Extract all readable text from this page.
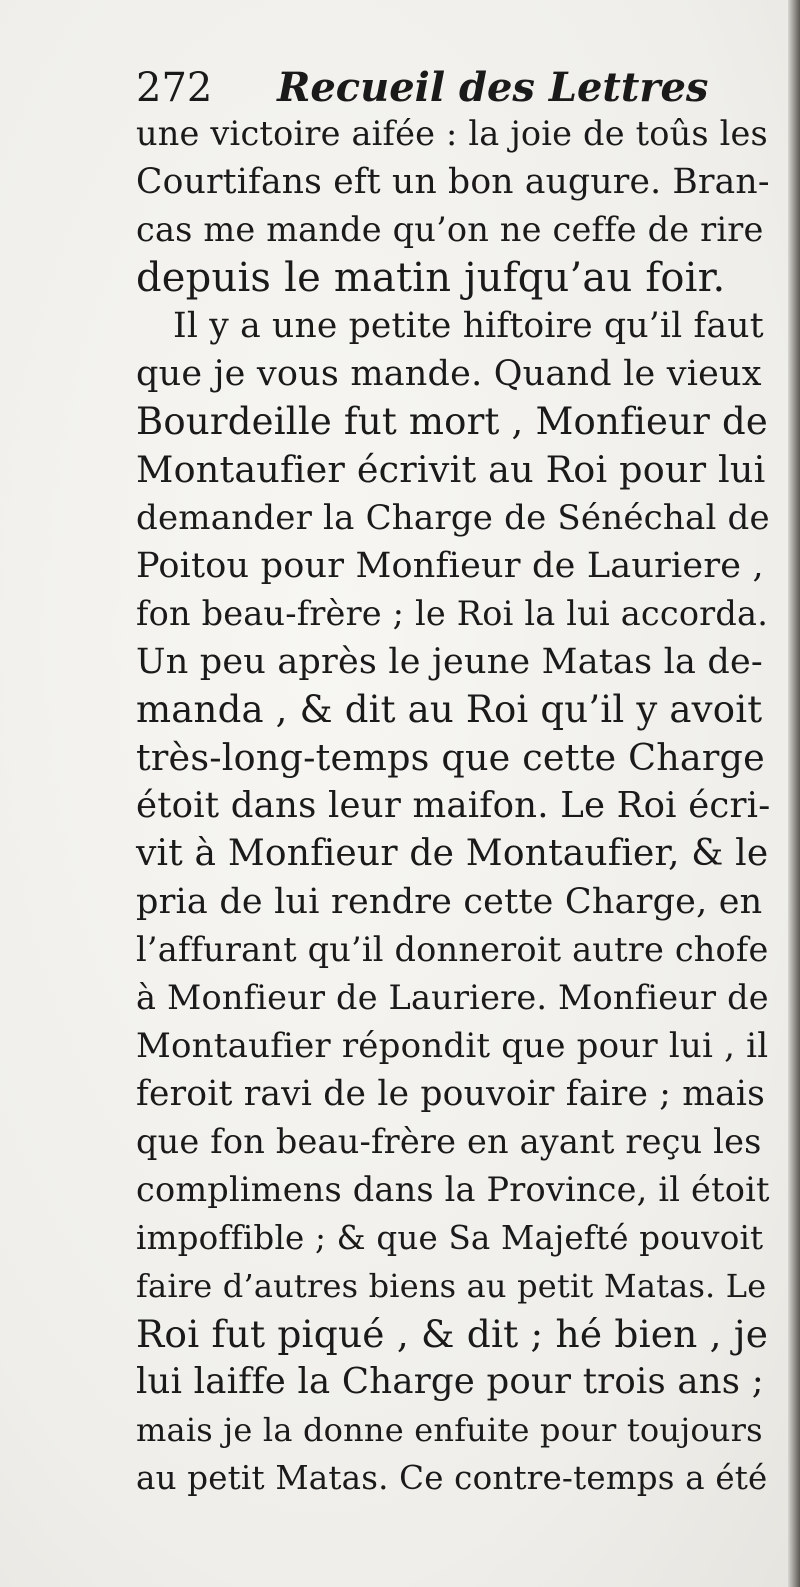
272 Recueil des Lettres
une victoire aifée : la joie de toûs les
Courtifans eft un bon augure. Bran-
cas me mande qu’on ne ceffe de rire
depuis le matin jufqu’au foir.
Il y a une petite hiftoire qu’il faut
que je vous mande. Quand le vieux
Bourdeille fut mort , Monfieur de
Montaufier écrivit au Roi pour lui
demander la Charge de Sénéchal de
Poitou pour Monfieur de Lauriere ,
fon beau-frère ; le Roi la lui accorda.
Un peu après le jeune Matas la de-
manda , & dit au Roi qu’il y avoit
très-long-temps que cette Charge
étoit dans leur maifon. Le Roi écri-
vit à Monfieur de Montaufier, & le
pria de lui rendre cette Charge, en
l’affurant qu’il donneroit autre chofe
à Monfieur de Lauriere. Monfieur de
Montaufier répondit que pour lui , il
feroit ravi de le pouvoir faire ; mais
que fon beau-frère en ayant reçu les
complimens dans la Province, il étoit
impoffible ; & que Sa Majefté pouvoit
faire d’autres biens au petit Matas. Le
Roi fut piqué , & dit ; hé bien , je
lui laiffe la Charge pour trois ans ;
mais je la donne enfuite pour toujours
au petit Matas. Ce contre-temps a été
